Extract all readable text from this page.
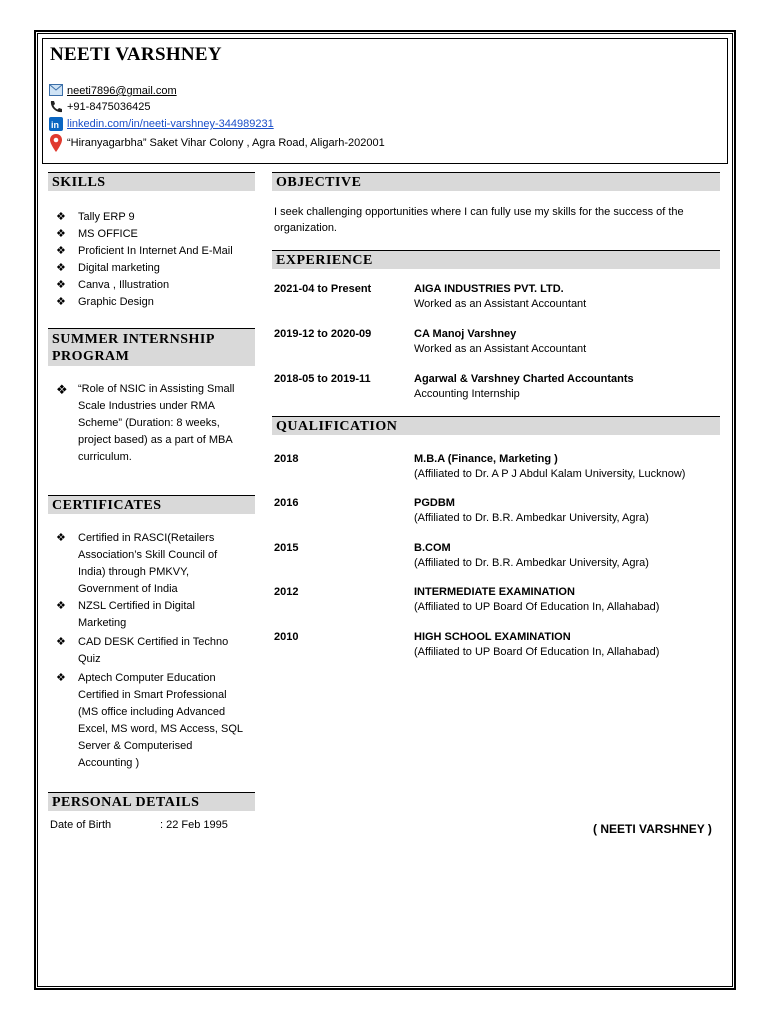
NEETI VARSHNEY
neeti7896@gmail.com
+91-8475036425
in linkedin.com/in/neeti-varshney-344989231
“Hiranyagarbha” Saket Vihar Colony , Agra Road, Aligarh-202001
SKILLS
❖	Tally ERP 9
❖	MS OFFICE
❖	Proficient In Internet And E-Mail
❖	Digital marketing
❖	Canva , Illustration
❖	Graphic Design
SUMMER INTERNSHIP
PROGRAM
❖ “Role of NSIC in Assisting Small
Scale Industries under RMA
Scheme” (Duration: 8 weeks,
project based) as a part of MBA
curriculum.
CERTIFICATES
❖	Certified in RASCI(Retailers
Association’s Skill Council of
India) through PMKVY,
Government of India
❖	NZSL Certified in Digital
Marketing
❖	CAD DESK Certified in Techno
Quiz
❖	Aptech Computer Education
Certified in Smart Professional
(MS office including Advanced
Excel, MS word, MS Access, SQL
Server & Computerised
Accounting )
PERSONAL DETAILS
Date of Birth	: 22 Feb 1995
OBJECTIVE
I seek challenging opportunities where I can fully use my skills for the success of the
organization.
EXPERIENCE
2021-04 to Present	AIGA INDUSTRIES PVT. LTD.
Worked as an Assistant Accountant
2019-12 to 2020-09	CA Manoj Varshney
Worked as an Assistant Accountant
2018-05 to 2019-11	Agarwal & Varshney Charted Accountants
Accounting Internship
QUALIFICATION
2018	M.B.A (Finance, Marketing )
(Affiliated to Dr. A P J Abdul Kalam University, Lucknow)
2016	PGDBM
(Affiliated to Dr. B.R. Ambedkar University, Agra)
2015	B.COM
(Affiliated to Dr. B.R. Ambedkar University, Agra)
2012	INTERMEDIATE EXAMINATION
(Affiliated to UP Board Of Education In, Allahabad)
2010	HIGH SCHOOL EXAMINATION
(Affiliated to UP Board Of Education In, Allahabad)
( NEETI VARSHNEY )
